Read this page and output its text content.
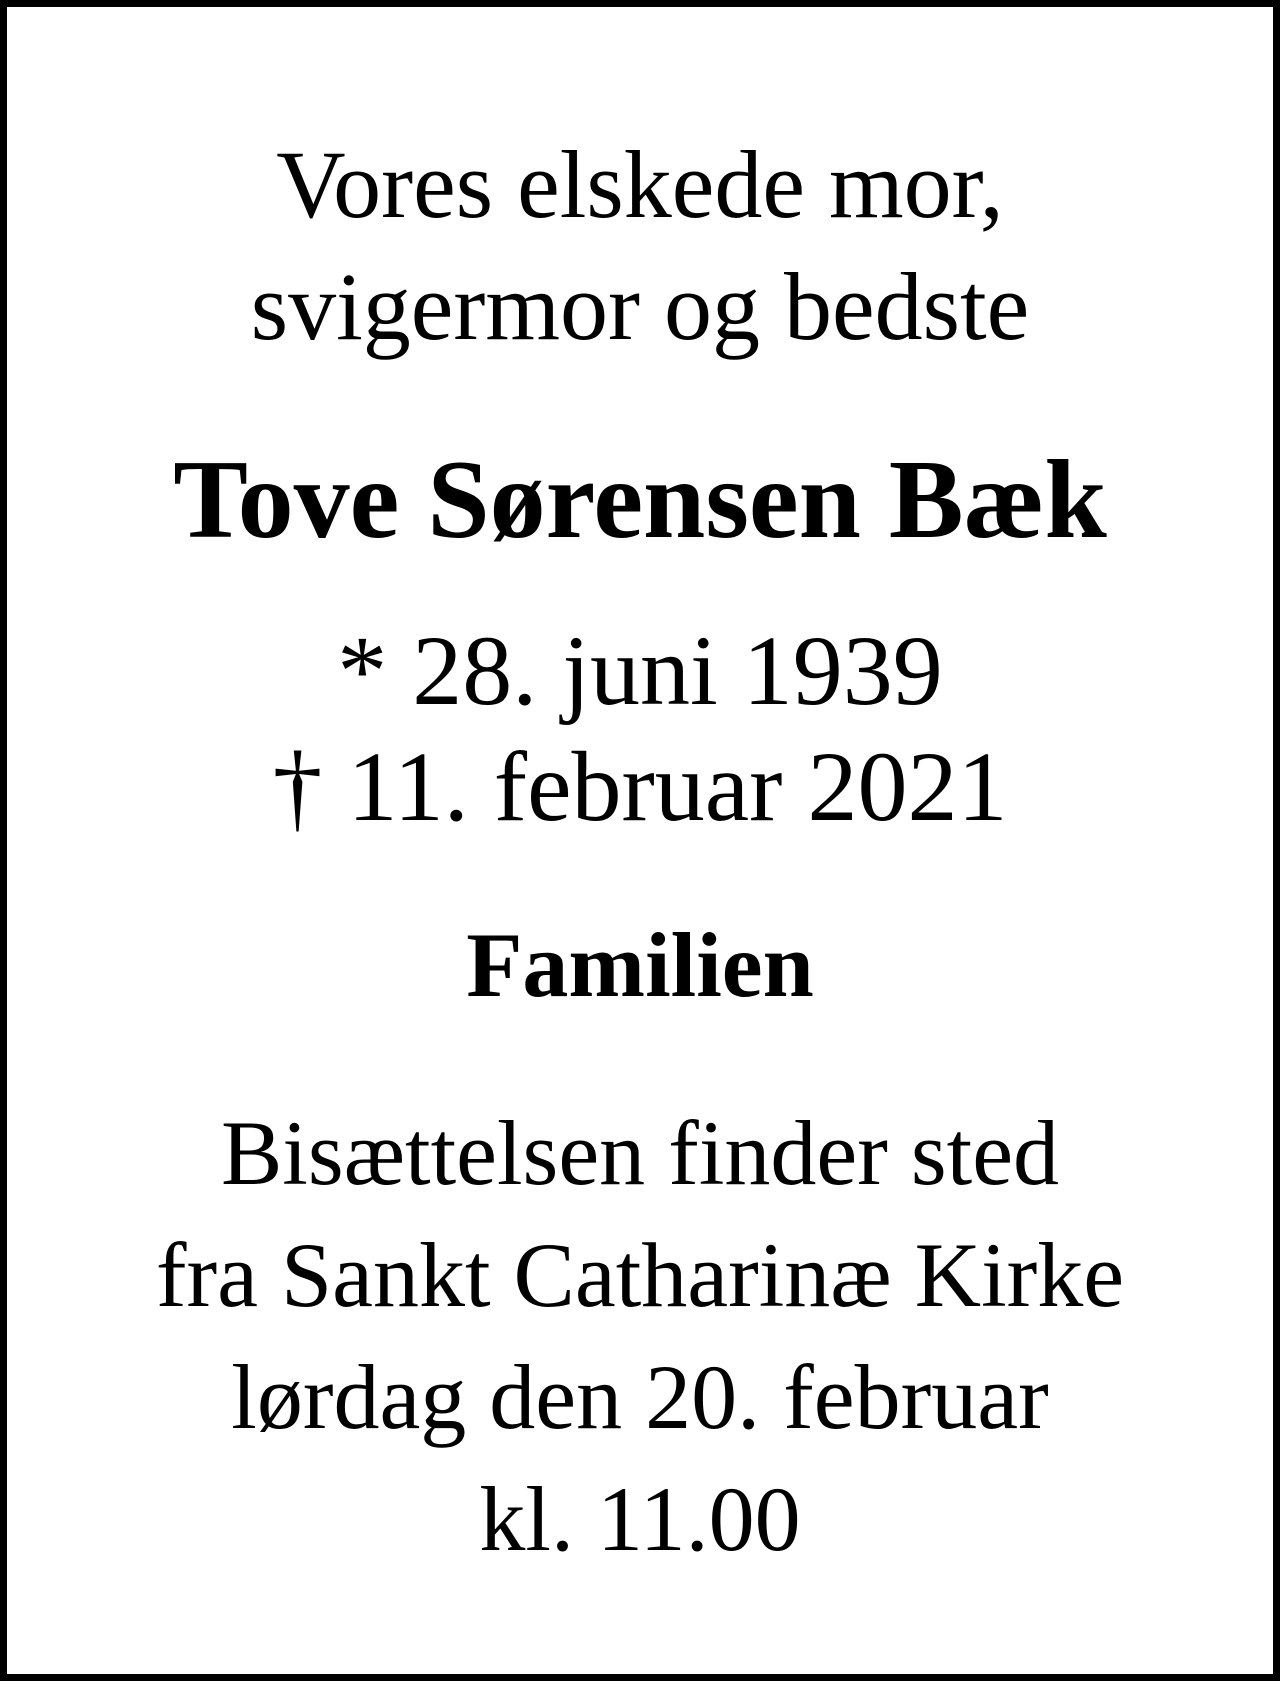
Vores elskede mor,
svigermor og bedste
Tove Sørensen Bæk
* 28. juni 1939
† 11. februar 2021
Familien
Bisættelsen finder sted
fra Sankt Catharinæ Kirke
lørdag den 20. februar
kl. 11.00
